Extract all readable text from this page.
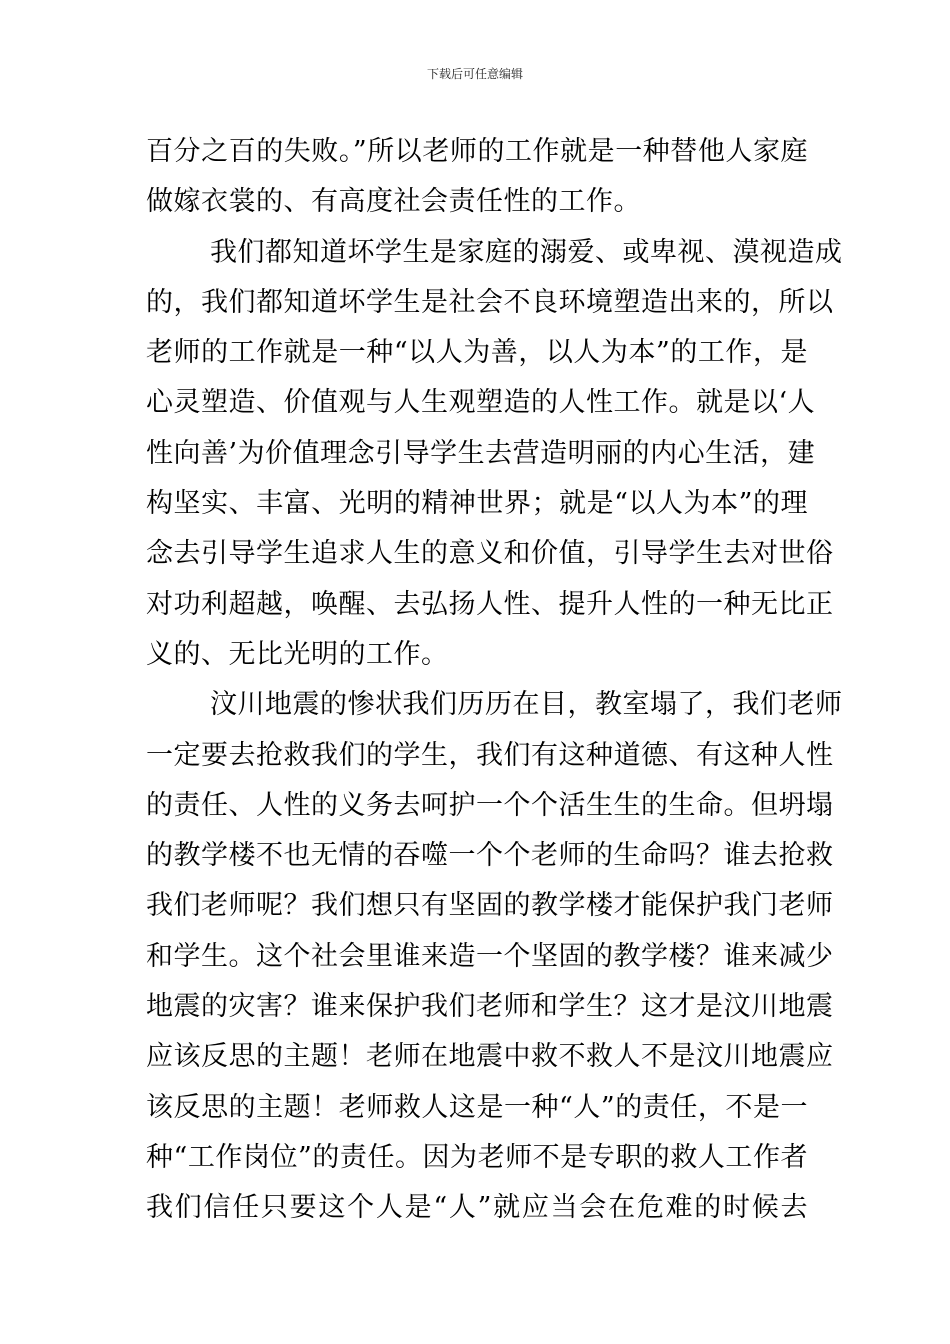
下载后可任意编辑
百分之百的失败。”所以老师的工作就是一种替他人家庭
做嫁衣裳的、有高度社会责任性的工作。
我们都知道坏学生是家庭的溺爱、或卑视、漠视造成
的，我们都知道坏学生是社会不良环境塑造出来的，所以
老师的工作就是一种“以人为善，以人为本”的工作，是
心灵塑造、价值观与人生观塑造的人性工作。就是以‘人
性向善’为价值理念引导学生去营造明丽的内心生活，建
构坚实、丰富、光明的精神世界；就是“以人为本”的理
念去引导学生追求人生的意义和价值，引导学生去对世俗
对功利超越，唤醒、去弘扬人性、提升人性的一种无比正
义的、无比光明的工作。
汶川地震的惨状我们历历在目，教室塌了，我们老师
一定要去抢救我们的学生，我们有这种道德、有这种人性
的责任、人性的义务去呵护一个个活生生的生命。但坍塌
的教学楼不也无情的吞噬一个个老师的生命吗？谁去抢救
我们老师呢？我们想只有坚固的教学楼才能保护我门老师
和学生。这个社会里谁来造一个坚固的教学楼？谁来减少
地震的灾害？谁来保护我们老师和学生？这才是汶川地震
应该反思的主题！老师在地震中救不救人不是汶川地震应
该反思的主题！老师救人这是一种“人”的责任，不是一
种“工作岗位”的责任。因为老师不是专职的救人工作者
我们信任只要这个人是“人”就应当会在危难的时候去
